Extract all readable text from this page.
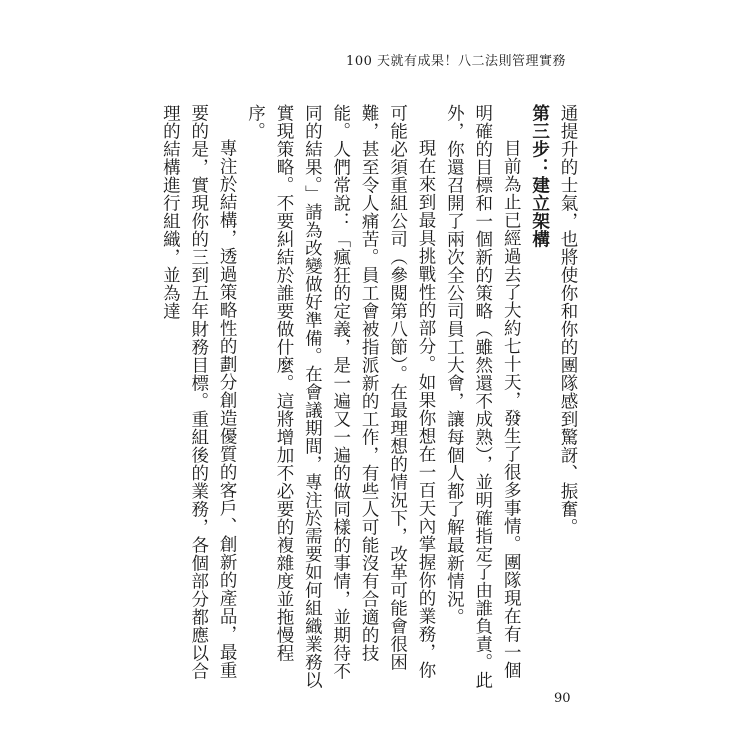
100 天就有成果！八二法則管理實務

通提升的士氣，也將使你和你的團隊感到驚訝、振奮。

第三步：建立架構

目前為止已經過去了大約七十天，發生了很多事情。團隊現在有一個明確的目標和一個新的策略（雖然還不成熟），並明確指定了由誰負責。此外，你還召開了兩次全公司員工大會，讓每個人都了解最新情況。

現在來到最具挑戰性的部分。如果你想在一百天內掌握你的業務，你可能必須重組公司（參閱第八節）。在最理想的情況下，改革可能會很困難，甚至令人痛苦。員工會被指派新的工作，有些人可能沒有合適的技能。人們常說：「瘋狂的定義，是一遍又一遍的做同樣的事情，並期待不同的結果。」請為改變做好準備。在會議期間，專注於需要如何組織業務以實現策略。不要糾結於誰要做什麼。這將增加不必要的複雜度並拖慢程序。

專注於結構，透過策略性的劃分創造優質的客戶、創新的產品，最重要的是，實現你的三到五年財務目標。重組後的業務，各個部分都應以合理的結構進行組織，並為達

90
